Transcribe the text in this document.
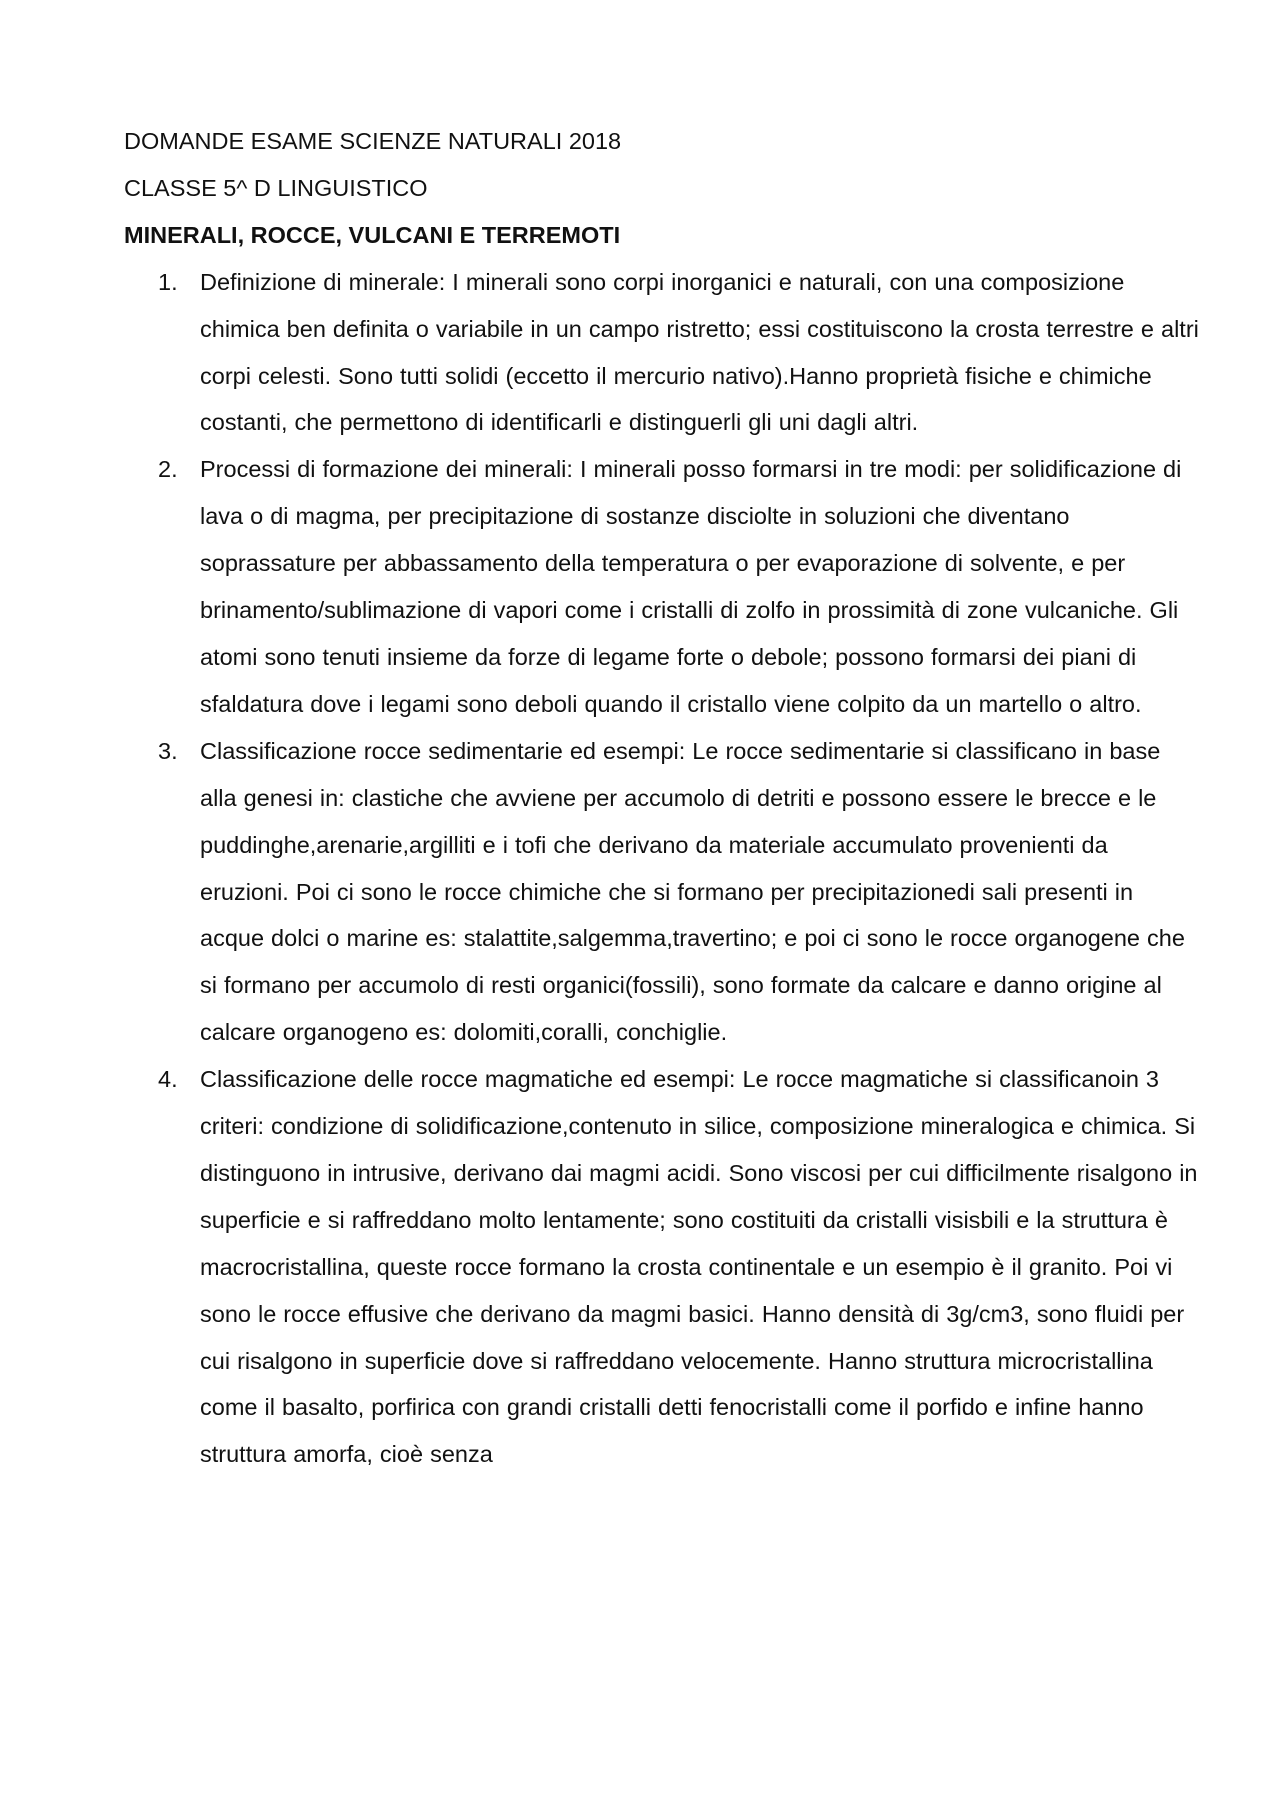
DOMANDE ESAME SCIENZE NATURALI 2018

CLASSE 5^ D LINGUISTICO

MINERALI, ROCCE, VULCANI E TERREMOTI

1. Definizione di minerale: I minerali sono corpi inorganici e naturali, con una composizione chimica ben definita o variabile in un campo ristretto; essi costituiscono la crosta terrestre e altri corpi celesti. Sono tutti solidi (eccetto il mercurio nativo).Hanno proprietà fisiche e chimiche costanti, che permettono di identificarli e distinguerli gli uni dagli altri.
2. Processi di formazione dei minerali: I minerali posso formarsi in tre modi: per solidificazione di lava o di magma, per precipitazione di sostanze disciolte in soluzioni che diventano soprassature per abbassamento della temperatura o per evaporazione di solvente, e per brinamento/sublimazione di vapori come i cristalli di zolfo in prossimità di zone vulcaniche. Gli atomi sono tenuti insieme da forze di legame forte o debole; possono formarsi dei piani di sfaldatura dove i legami sono deboli quando il cristallo viene colpito da un martello o altro.
3. Classificazione rocce sedimentarie ed esempi: Le rocce sedimentarie si classificano in base alla genesi in: clastiche che avviene per accumolo di detriti e possono essere le brecce e le puddinghe,arenarie,argilliti e i tofi che derivano da materiale accumulato provenienti da eruzioni. Poi ci sono le rocce chimiche che si formano per precipitazionedi sali presenti in acque dolci o marine es: stalattite,salgemma,travertino; e poi ci sono le rocce organogene che si formano per accumolo di resti organici(fossili), sono formate da calcare e danno origine al calcare organogeno es: dolomiti,coralli, conchiglie.
4. Classificazione delle rocce magmatiche ed esempi: Le rocce magmatiche si classificanoin 3 criteri: condizione di solidificazione,contenuto in silice, composizione mineralogica e chimica. Si distinguono in intrusive, derivano dai magmi acidi. Sono viscosi per cui difficilmente risalgono in superficie e si raffreddano molto lentamente; sono costituiti da cristalli visisbili e la struttura è macrocristallina, queste rocce formano la crosta continentale e un esempio è il granito. Poi vi sono le rocce effusive che derivano da magmi basici. Hanno densità di 3g/cm3, sono fluidi per cui risalgono in superficie dove si raffreddano velocemente. Hanno struttura microcristallina come il basalto, porfirica con grandi cristalli detti fenocristalli come il porfido e infine hanno struttura amorfa, cioè senza
